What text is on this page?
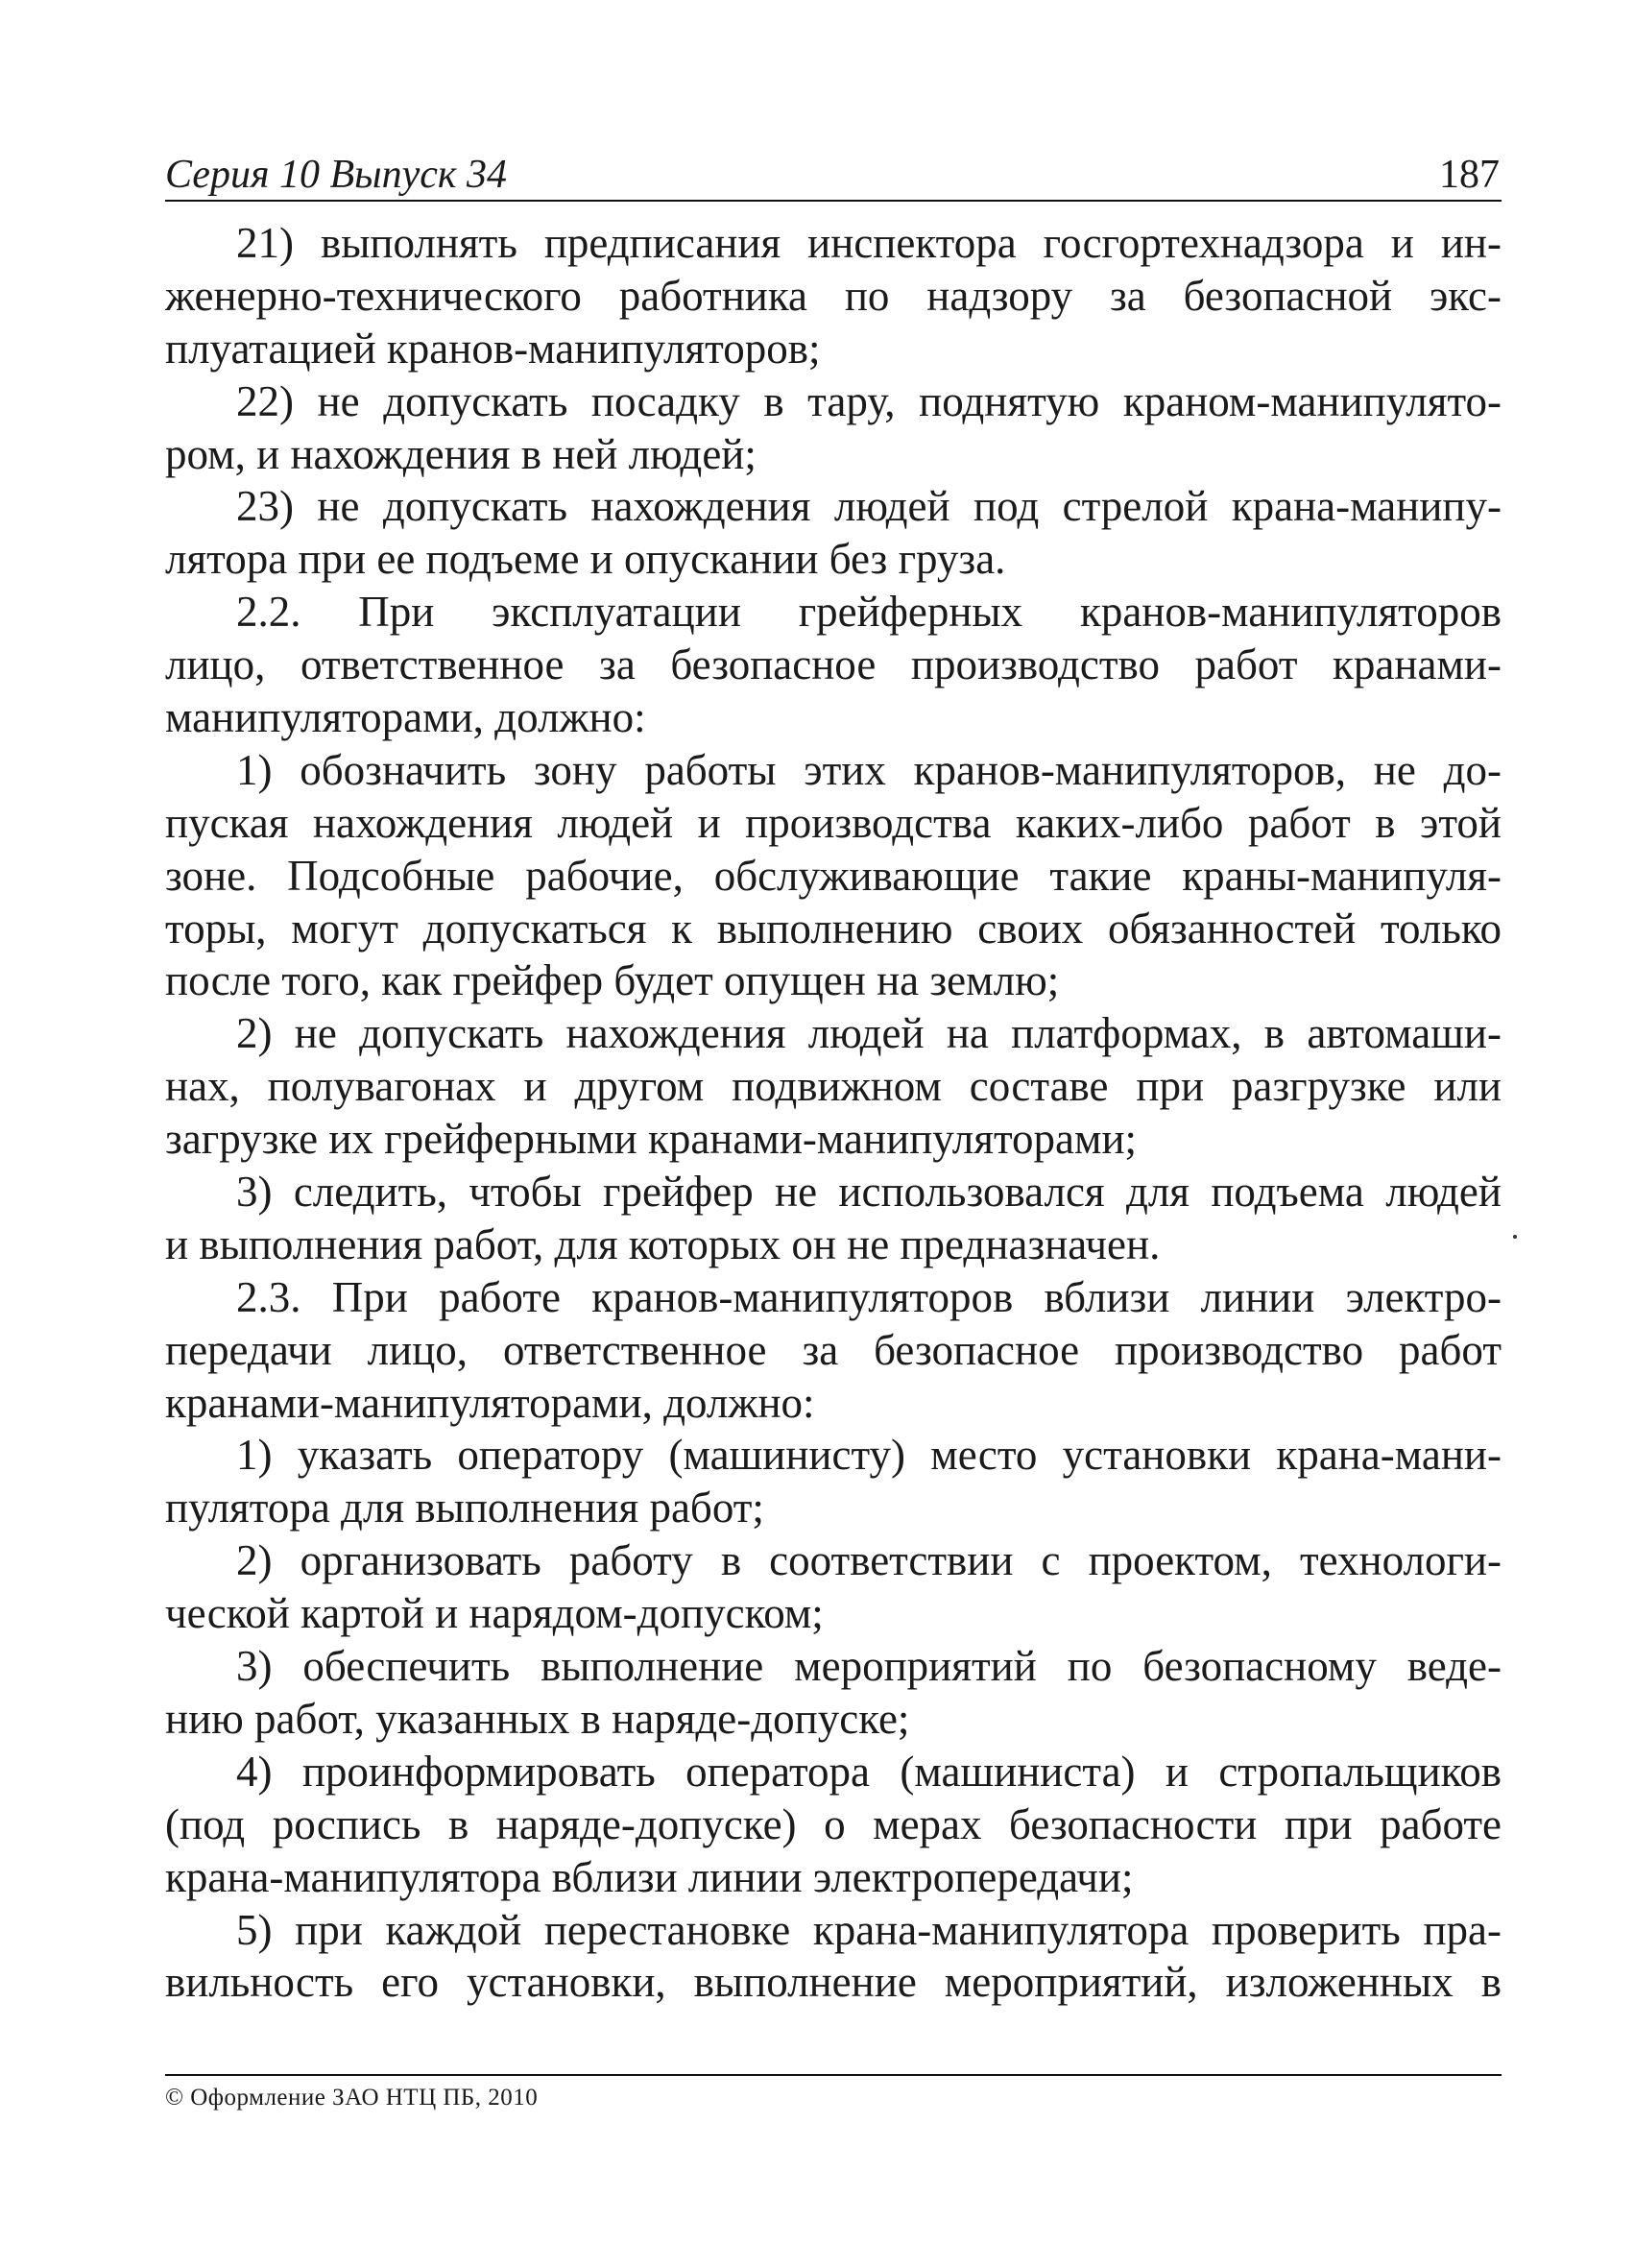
Серия 10 Выпуск 34	187
21) выполнять предписания инспектора госгортехнадзора и ин-
женерно-технического работника по надзору за безопасной экс-
плуатацией кранов-манипуляторов;
22) не допускать посадку в тару, поднятую краном-манипулято-
ром, и нахождения в ней людей;
23) не допускать нахождения людей под стрелой крана-манипу-
лятора при ее подъеме и опускании без груза.
2.2. При эксплуатации грейферных кранов-манипуляторов
лицо, ответственное за безопасное производство работ кранами-
манипуляторами, должно:
1) обозначить зону работы этих кранов-манипуляторов, не до-
пуская нахождения людей и производства каких-либо работ в этой
зоне. Подсобные рабочие, обслуживающие такие краны-манипуля-
торы, могут допускаться к выполнению своих обязанностей только
после того, как грейфер будет опущен на землю;
2) не допускать нахождения людей на платформах, в автомаши-
нах, полувагонах и другом подвижном составе при разгрузке или
загрузке их грейферными кранами-манипуляторами;
3) следить, чтобы грейфер не использовался для подъема людей
и выполнения работ, для которых он не предназначен.
2.3. При работе кранов-манипуляторов вблизи линии электро-
передачи лицо, ответственное за безопасное производство работ
кранами-манипуляторами, должно:
1) указать оператору (машинисту) место установки крана-мани-
пулятора для выполнения работ;
2) организовать работу в соответствии с проектом, технологи-
ческой картой и нарядом-допуском;
3) обеспечить выполнение мероприятий по безопасному веде-
нию работ, указанных в наряде-допуске;
4) проинформировать оператора (машиниста) и стропальщиков
(под роспись в наряде-допуске) о мерах безопасности при работе
крана-манипулятора вблизи линии электропередачи;
5) при каждой перестановке крана-манипулятора проверить пра-
вильность его установки, выполнение мероприятий, изложенных в
© Оформление ЗАО НТЦ ПБ, 2010
